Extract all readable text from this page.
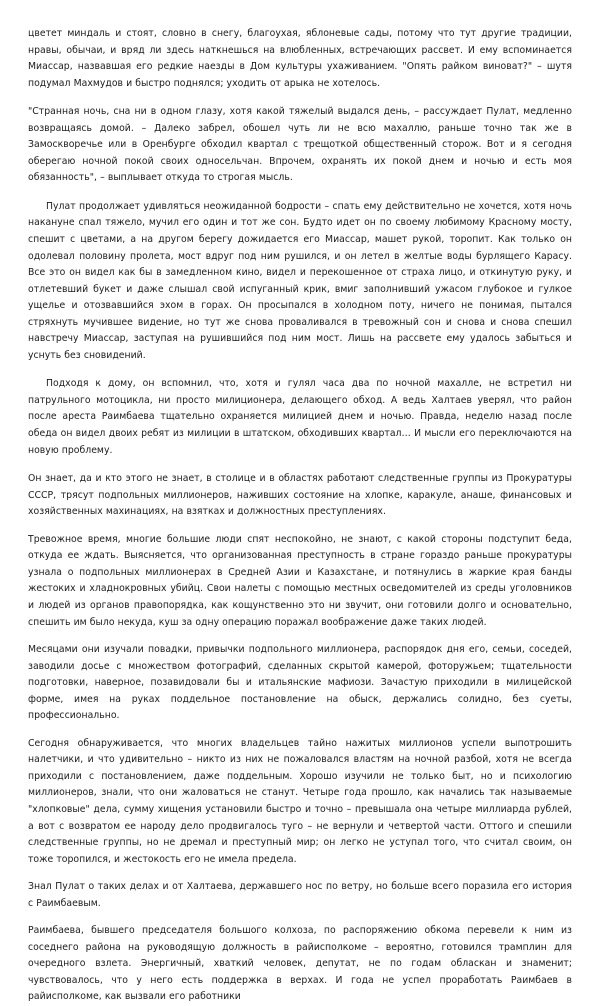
цветет миндаль и стоят, словно в снегу, благоухая, яблоневые сады, потому что тут другие традиции, нравы, обычаи, и вряд ли здесь наткнешься на влюбленных, встречающих рассвет. И ему вспоминается Миассар, назвавшая его редкие наезды в Дом культуры ухаживанием. "Опять райком виноват?" – шутя подумал Махмудов и быстро поднялся; уходить от арыка не хотелось.

"Странная ночь, сна ни в одном глазу, хотя какой тяжелый выдался день, – рассуждает Пулат, медленно возвращаясь домой. – Далеко забрел, обошел чуть ли не всю махаллю, раньше точно так же в Замоскворечье или в Оренбурге обходил квартал с трещоткой общественный сторож. Вот и я сегодня оберегаю ночной покой своих односельчан. Впрочем, охранять их покой днем и ночью и есть моя обязанность", – выплывает откуда то строгая мысль.

Пулат продолжает удивляться неожиданной бодрости – спать ему действительно не хочется, хотя ночь накануне спал тяжело, мучил его один и тот же сон. Будто идет он по своему любимому Красному мосту, спешит с цветами, а на другом берегу дожидается его Миассар, машет рукой, торопит. Как только он одолевал половину пролета, мост вдруг под ним рушился, и он летел в желтые воды бурлящего Карасу. Все это он видел как бы в замедленном кино, видел и перекошенное от страха лицо, и откинутую руку, и отлетевший букет и даже слышал свой испуганный крик, вмиг заполнивший ужасом глубокое и гулкое ущелье и отозвавшийся эхом в горах. Он просыпался в холодном поту, ничего не понимая, пытался стряхнуть мучившее видение, но тут же снова проваливался в тревожный сон и снова и снова спешил навстречу Миассар, заступая на рушившийся под ним мост. Лишь на рассвете ему удалось забыться и уснуть без сновидений.

Подходя к дому, он вспомнил, что, хотя и гулял часа два по ночной махалле, не встретил ни патрульного мотоцикла, ни просто милиционера, делающего обход. А ведь Халтаев уверял, что район после ареста Раимбаева тщательно охраняется милицией днем и ночью. Правда, неделю назад после обеда он видел двоих ребят из милиции в штатском, обходивших квартал… И мысли его переключаются на новую проблему.

Он знает, да и кто этого не знает, в столице и в областях работают следственные группы из Прокуратуры СССР, трясут подпольных миллионеров, наживших состояние на хлопке, каракуле, анаше, финансовых и хозяйственных махинациях, на взятках и должностных преступлениях.

Тревожное время, многие большие люди спят неспокойно, не знают, с какой стороны подступит беда, откуда ее ждать. Выясняется, что организованная преступность в стране гораздо раньше прокуратуры узнала о подпольных миллионерах в Средней Азии и Казахстане, и потянулись в жаркие края банды жестоких и хладнокровных убийц. Свои налеты с помощью местных осведомителей из среды уголовников и людей из органов правопорядка, как кощунственно это ни звучит, они готовили долго и основательно, спешить им было некуда, куш за одну операцию поражал воображение даже таких людей.

Месяцами они изучали повадки, привычки подпольного миллионера, распорядок дня его, семьи, соседей, заводили досье с множеством фотографий, сделанных скрытой камерой, фоторужьем; тщательности подготовки, наверное, позавидовали бы и итальянские мафиози. Зачастую приходили в милицейской форме, имея на руках поддельное постановление на обыск, держались солидно, без суеты, профессионально.

Сегодня обнаруживается, что многих владельцев тайно нажитых миллионов успели выпотрошить налетчики, и что удивительно – никто из них не пожаловался властям на ночной разбой, хотя не всегда приходили с постановлением, даже поддельным. Хорошо изучили не только быт, но и психологию миллионеров, знали, что они жаловаться не станут. Четыре года прошло, как начались так называемые "хлопковые" дела, сумму хищения установили быстро и точно – превышала она четыре миллиарда рублей, а вот с возвратом ее народу дело продвигалось туго – не вернули и четвертой части. Оттого и спешили следственные группы, но не дремал и преступный мир; он легко не уступал того, что считал своим, он тоже торопился, и жестокость его не имела предела.

Знал Пулат о таких делах и от Халтаева, державшего нос по ветру, но больше всего поразила его история с Раимбаевым.

Раимбаева, бывшего председателя большого колхоза, по распоряжению обкома перевели к ним из соседнего района на руководящую должность в райисполкоме – вероятно, готовился трамплин для очередного взлета. Энергичный, хваткий человек, депутат, не по годам обласкан и знаменит; чувствовалось, что у него есть поддержка в верхах. И года не успел проработать Раимбаев в райисполкоме, как вызвали его работники
